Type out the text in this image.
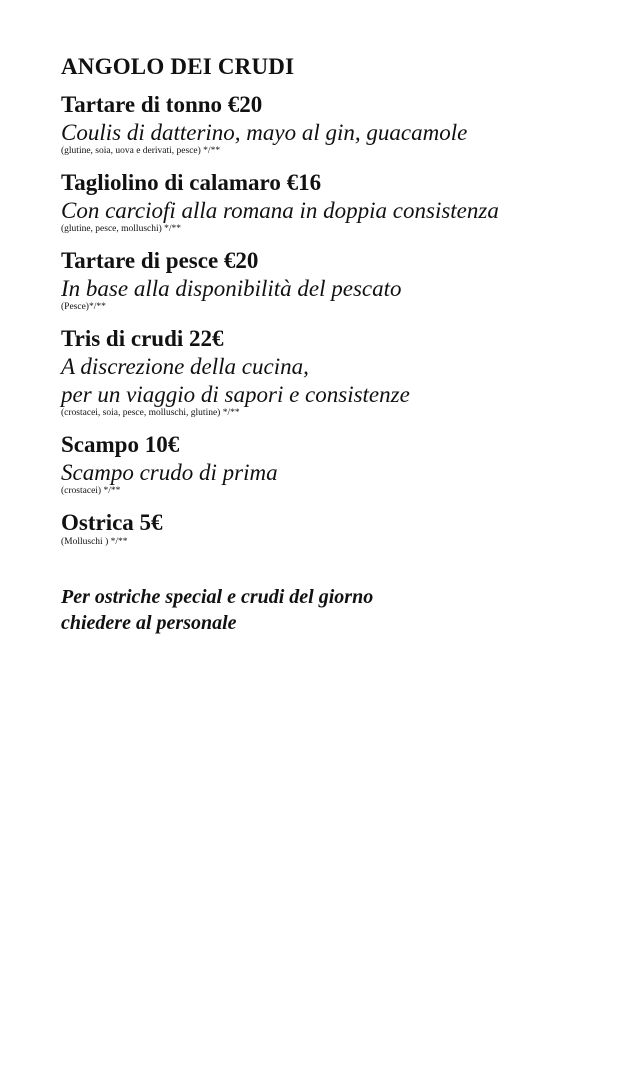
ANGOLO DEI CRUDI
Tartare di tonno €20
Coulis di datterino, mayo al gin, guacamole
(glutine, soia, uova e derivati, pesce) */**
Tagliolino di calamaro €16
Con carciofi alla romana in doppia consistenza
(glutine, pesce, molluschi) */**
Tartare di pesce €20
In base alla disponibilità del pescato
(Pesce)*/**
Tris di crudi 22€
A discrezione della cucina,
per un viaggio di sapori e consistenze
(crostacei, soia, pesce, molluschi, glutine) */**
Scampo 10€
Scampo crudo di prima
(crostacei) */**
Ostrica 5€
(Molluschi ) */**
Per ostriche special e crudi del giorno
chiedere al personale
